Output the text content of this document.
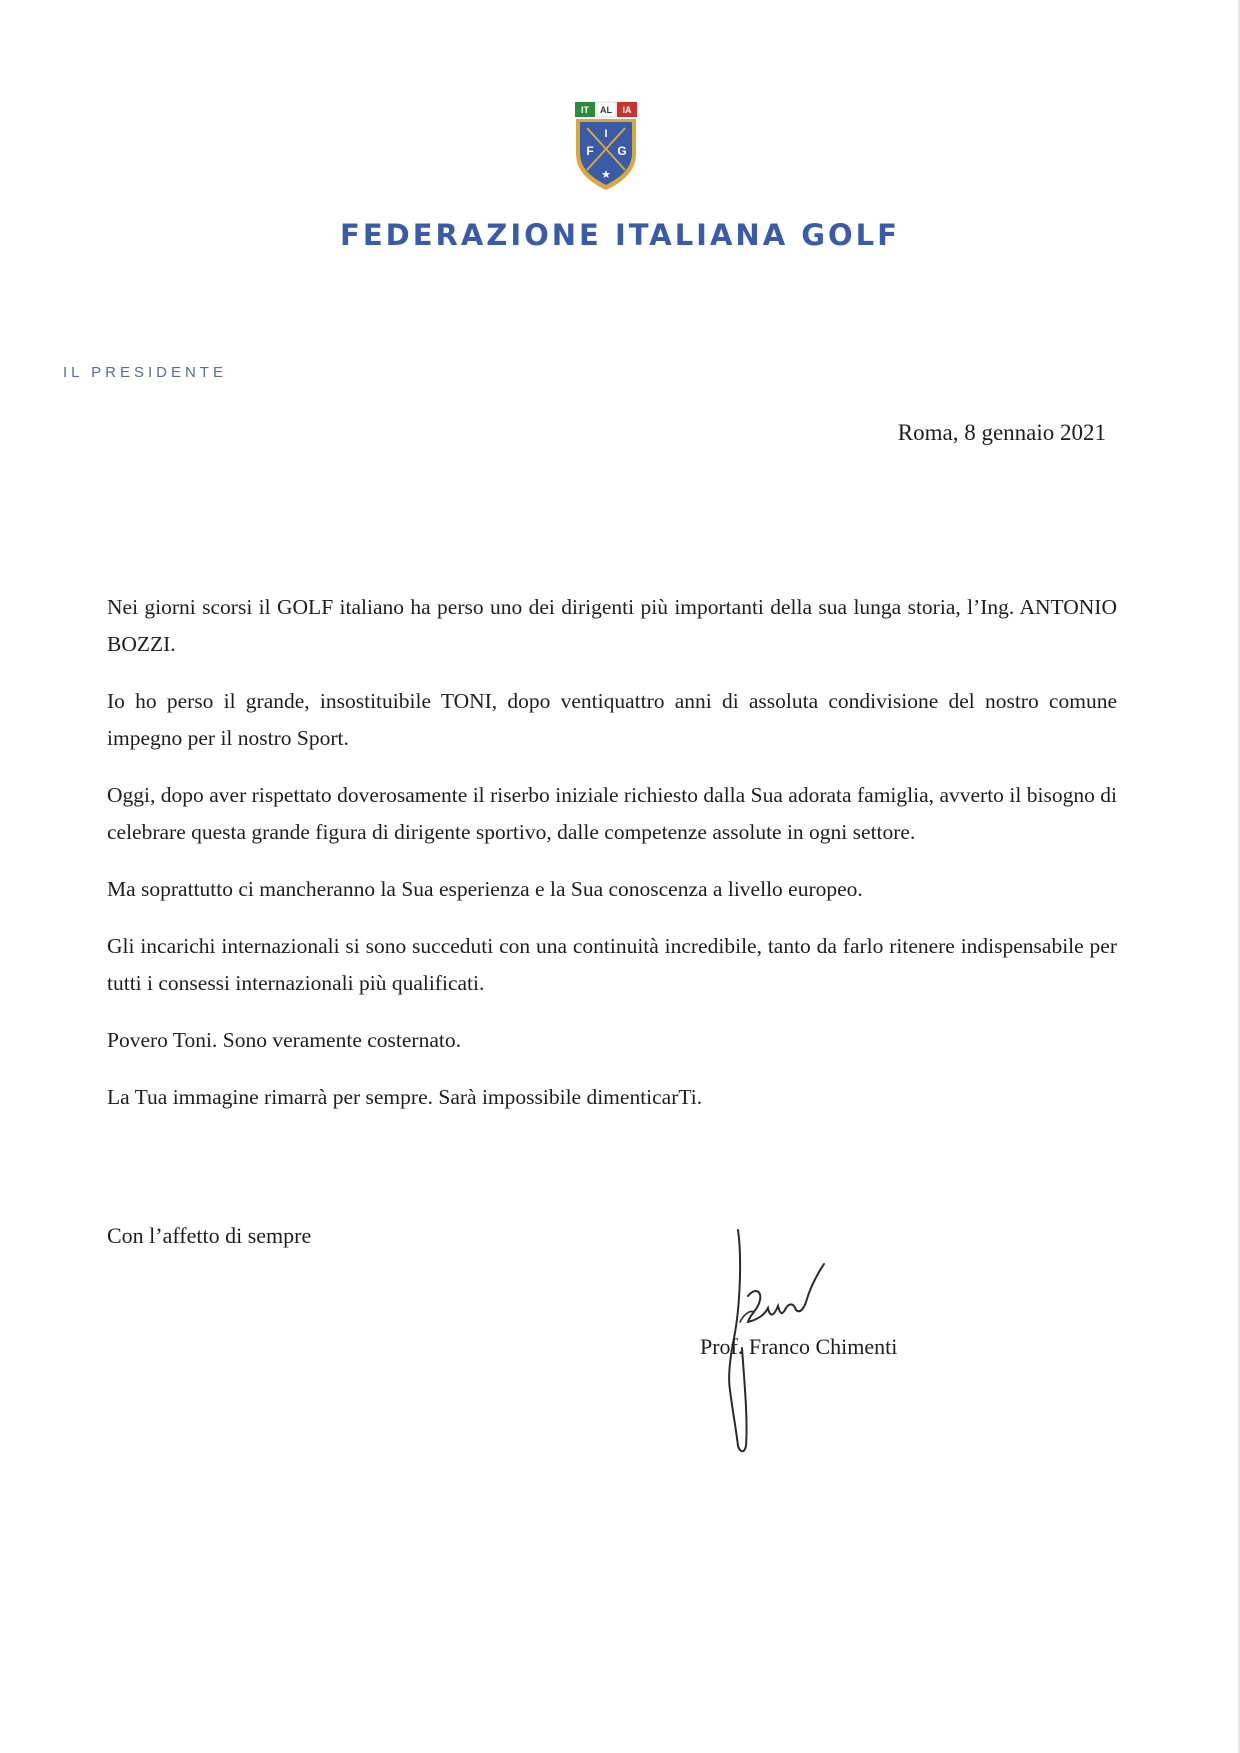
IT AL IA
I
F G
★
FEDERAZIONE ITALIANA GOLF
IL PRESIDENTE
Roma, 8 gennaio 2021

Nei giorni scorsi il GOLF italiano ha perso uno dei dirigenti più importanti della sua lunga storia, l’Ing. ANTONIO BOZZI.

Io ho perso il grande, insostituibile TONI, dopo ventiquattro anni di assoluta condivisione del nostro comune impegno per il nostro Sport.

Oggi, dopo aver rispettato doverosamente il riserbo iniziale richiesto dalla Sua adorata famiglia, avverto il bisogno di celebrare questa grande figura di dirigente sportivo, dalle competenze assolute in ogni settore.

Ma soprattutto ci mancheranno la Sua esperienza e la Sua conoscenza a livello europeo.

Gli incarichi internazionali si sono succeduti con una continuità incredibile, tanto da farlo ritenere indispensabile per tutti i consessi internazionali più qualificati.

Povero Toni. Sono veramente costernato.

La Tua immagine rimarrà per sempre. Sarà impossibile dimenticarTi.

Con l’affetto di sempre
Prof. Franco Chimenti
